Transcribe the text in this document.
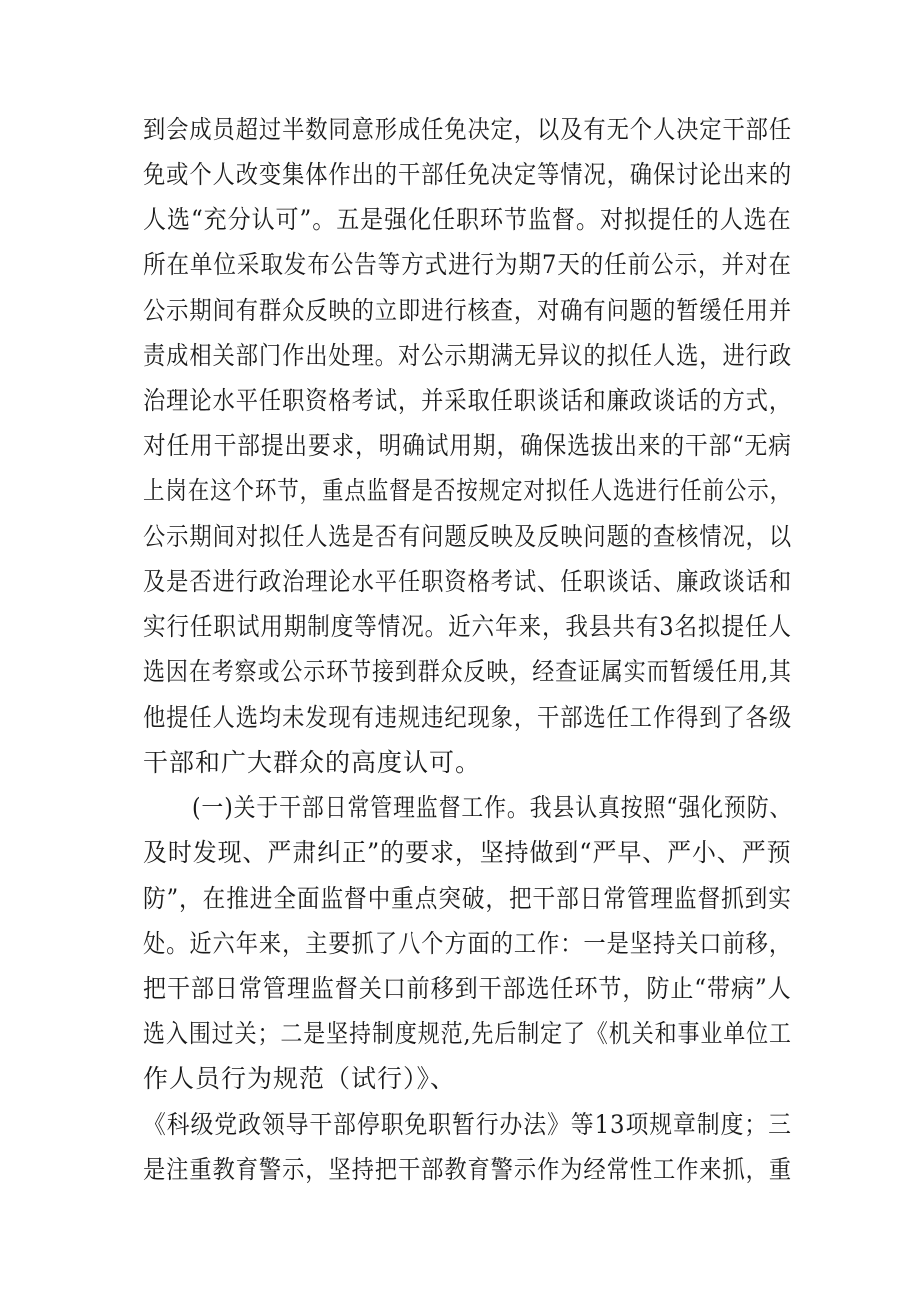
到会成员超过半数同意形成任免决定，以及有无个人决定干部任
免或个人改变集体作出的干部任免决定等情况，确保讨论出来的
人选“充分认可”。五是强化任职环节监督。对拟提任的人选在
所在单位采取发布公告等方式进行为期7天的任前公示，并对在
公示期间有群众反映的立即进行核查，对确有问题的暂缓任用并
责成相关部门作出处理。对公示期满无异议的拟任人选，进行政
治理论水平任职资格考试，并采取任职谈话和廉政谈话的方式，
对任用干部提出要求，明确试用期，确保选拔出来的干部“无病
上岗在这个环节，重点监督是否按规定对拟任人选进行任前公示，
公示期间对拟任人选是否有问题反映及反映问题的查核情况，以
及是否进行政治理论水平任职资格考试、任职谈话、廉政谈话和
实行任职试用期制度等情况。近六年来，我县共有3名拟提任人
选因在考察或公示环节接到群众反映，经查证属实而暂缓任用,其
他提任人选均未发现有违规违纪现象，干部选任工作得到了各级
干部和广大群众的高度认可。
(一)关于干部日常管理监督工作。我县认真按照“强化预防、
及时发现、严肃纠正”的要求，坚持做到“严早、严小、严预
防”，在推进全面监督中重点突破，把干部日常管理监督抓到实
处。近六年来，主要抓了八个方面的工作：一是坚持关口前移，
把干部日常管理监督关口前移到干部选任环节，防止“带病”人
选入围过关；二是坚持制度规范,先后制定了《机关和事业单位工
作人员行为规范（试行）》、
《科级党政领导干部停职免职暂行办法》等13项规章制度；三
是注重教育警示，坚持把干部教育警示作为经常性工作来抓，重
